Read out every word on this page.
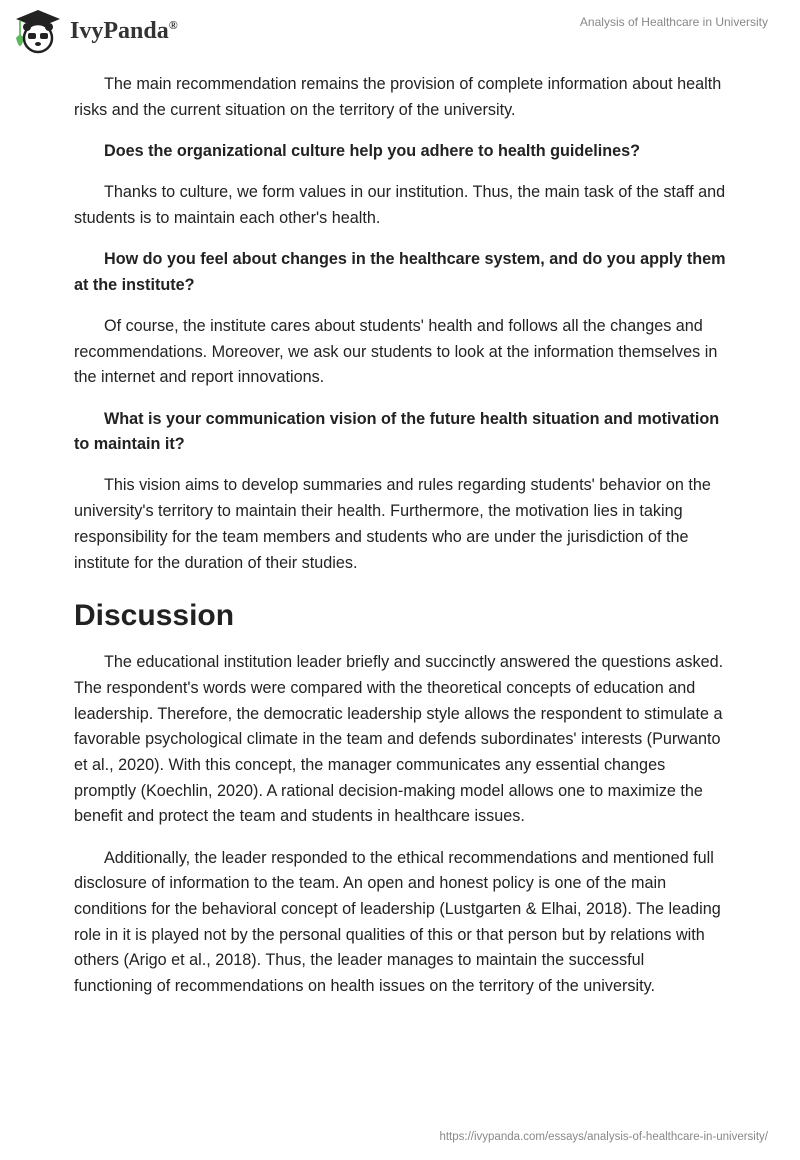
IvyPanda®	Analysis of Healthcare in University

The main recommendation remains the provision of complete information about health risks and the current situation on the territory of the university.

Does the organizational culture help you adhere to health guidelines?

Thanks to culture, we form values in our institution. Thus, the main task of the staff and students is to maintain each other's health.

How do you feel about changes in the healthcare system, and do you apply them at the institute?

Of course, the institute cares about students' health and follows all the changes and recommendations. Moreover, we ask our students to look at the information themselves in the internet and report innovations.

What is your communication vision of the future health situation and motivation to maintain it?

This vision aims to develop summaries and rules regarding students' behavior on the university's territory to maintain their health. Furthermore, the motivation lies in taking responsibility for the team members and students who are under the jurisdiction of the institute for the duration of their studies.

Discussion

The educational institution leader briefly and succinctly answered the questions asked. The respondent's words were compared with the theoretical concepts of education and leadership. Therefore, the democratic leadership style allows the respondent to stimulate a favorable psychological climate in the team and defends subordinates' interests (Purwanto et al., 2020). With this concept, the manager communicates any essential changes promptly (Koechlin, 2020). A rational decision-making model allows one to maximize the benefit and protect the team and students in healthcare issues.

Additionally, the leader responded to the ethical recommendations and mentioned full disclosure of information to the team. An open and honest policy is one of the main conditions for the behavioral concept of leadership (Lustgarten & Elhai, 2018). The leading role in it is played not by the personal qualities of this or that person but by relations with others (Arigo et al., 2018). Thus, the leader manages to maintain the successful functioning of recommendations on health issues on the territory of the university.

https://ivypanda.com/essays/analysis-of-healthcare-in-university/
